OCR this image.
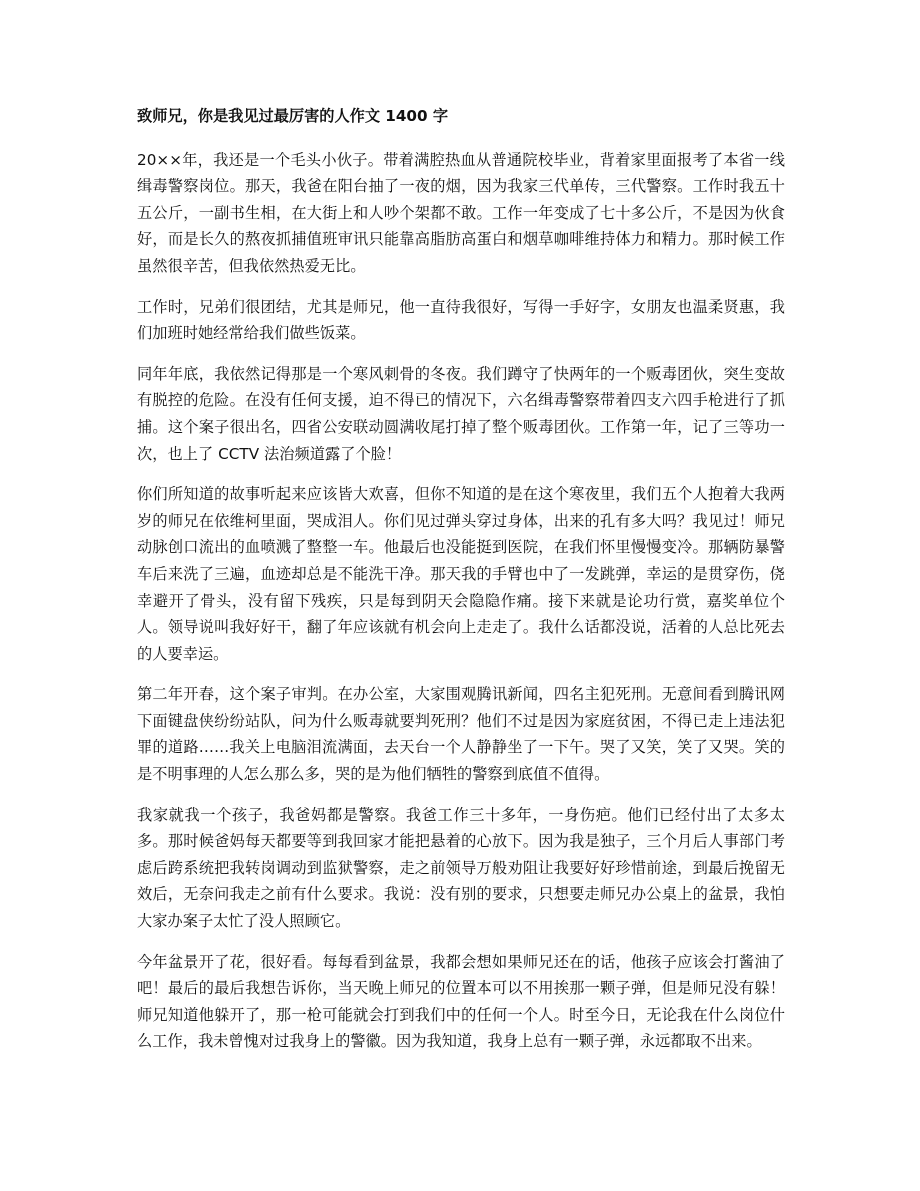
致师兄，你是我见过最厉害的人作文 1400 字

20××年，我还是一个毛头小伙子。带着满腔热血从普通院校毕业，背着家里面报考了本省一线缉毒警察岗位。那天，我爸在阳台抽了一夜的烟，因为我家三代单传，三代警察。工作时我五十五公斤，一副书生相，在大街上和人吵个架都不敢。工作一年变成了七十多公斤，不是因为伙食好，而是长久的熬夜抓捕值班审讯只能靠高脂肪高蛋白和烟草咖啡维持体力和精力。那时候工作虽然很辛苦，但我依然热爱无比。

工作时，兄弟们很团结，尤其是师兄，他一直待我很好，写得一手好字，女朋友也温柔贤惠，我们加班时她经常给我们做些饭菜。

同年年底，我依然记得那是一个寒风刺骨的冬夜。我们蹲守了快两年的一个贩毒团伙，突生变故有脱控的危险。在没有任何支援，迫不得已的情况下，六名缉毒警察带着四支六四手枪进行了抓捕。这个案子很出名，四省公安联动圆满收尾打掉了整个贩毒团伙。工作第一年，记了三等功一次，也上了 CCTV 法治频道露了个脸！

你们所知道的故事听起来应该皆大欢喜，但你不知道的是在这个寒夜里，我们五个人抱着大我两岁的师兄在依维柯里面，哭成泪人。你们见过弹头穿过身体，出来的孔有多大吗？我见过！师兄动脉创口流出的血喷溅了整整一车。他最后也没能挺到医院，在我们怀里慢慢变冷。那辆防暴警车后来洗了三遍，血迹却总是不能洗干净。那天我的手臂也中了一发跳弹，幸运的是贯穿伤，侥幸避开了骨头，没有留下残疾，只是每到阴天会隐隐作痛。接下来就是论功行赏，嘉奖单位个人。领导说叫我好好干，翻了年应该就有机会向上走走了。我什么话都没说，活着的人总比死去的人要幸运。

第二年开春，这个案子审判。在办公室，大家围观腾讯新闻，四名主犯死刑。无意间看到腾讯网下面键盘侠纷纷站队，问为什么贩毒就要判死刑？他们不过是因为家庭贫困，不得已走上违法犯罪的道路……我关上电脑泪流满面，去天台一个人静静坐了一下午。哭了又笑，笑了又哭。笑的是不明事理的人怎么那么多，哭的是为他们牺牲的警察到底值不值得。

我家就我一个孩子，我爸妈都是警察。我爸工作三十多年，一身伤疤。他们已经付出了太多太多。那时候爸妈每天都要等到我回家才能把悬着的心放下。因为我是独子，三个月后人事部门考虑后跨系统把我转岗调动到监狱警察，走之前领导万般劝阻让我要好好珍惜前途，到最后挽留无效后，无奈问我走之前有什么要求。我说：没有别的要求，只想要走师兄办公桌上的盆景，我怕大家办案子太忙了没人照顾它。

今年盆景开了花，很好看。每每看到盆景，我都会想如果师兄还在的话，他孩子应该会打酱油了吧！最后的最后我想告诉你，当天晚上师兄的位置本可以不用挨那一颗子弹，但是师兄没有躲！师兄知道他躲开了，那一枪可能就会打到我们中的任何一个人。时至今日，无论我在什么岗位什么工作，我未曾愧对过我身上的警徽。因为我知道，我身上总有一颗子弹，永远都取不出来。
